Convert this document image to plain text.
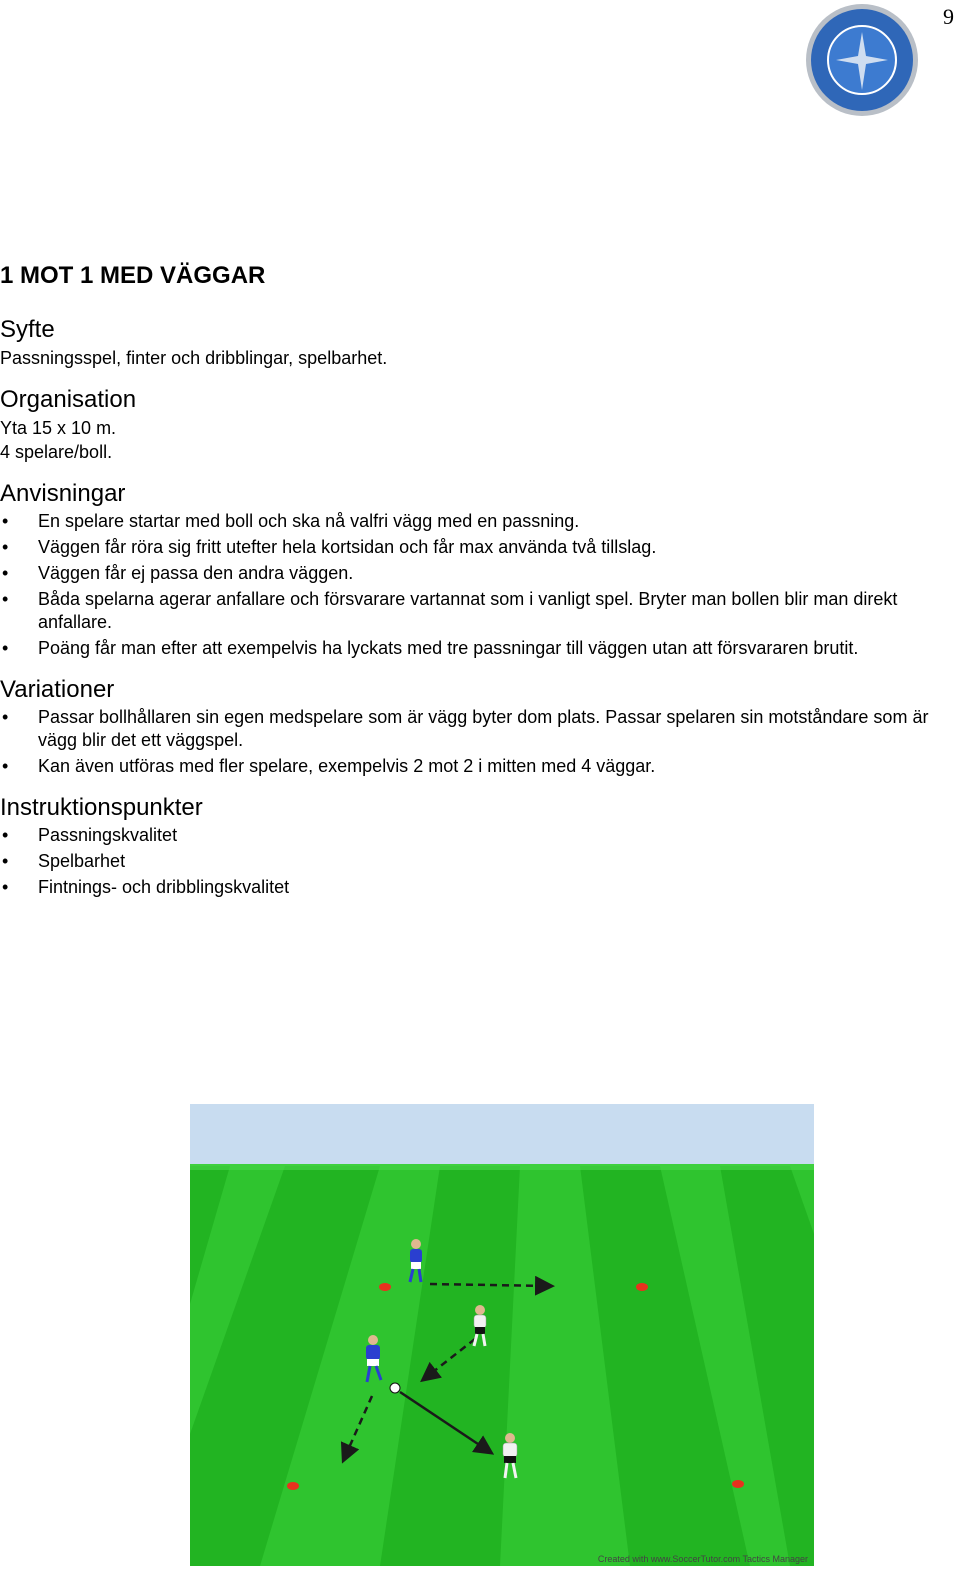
9
1 MOT 1 MED VÄGGAR
Syfte

Passningsspel, finter och dribblingar, spelbarhet.

Organisation

Yta 15 x 10 m.

4 spelare/boll.

Anvisningar
• En spelare startar med boll och ska nå valfri vägg med en passning.
• Väggen får röra sig fritt utefter hela kortsidan och får max använda två tillslag.
• Väggen får ej passa den andra väggen.
• Båda spelarna agerar anfallare och försvarare vartannat som i vanligt spel. Bryter man bollen blir man direkt anfallare.
• Poäng får man efter att exempelvis ha lyckats med tre passningar till väggen utan att försvararen brutit.
Variationer
• Passar bollhållaren sin egen medspelare som är vägg byter dom plats. Passar spelaren sin motståndare som är vägg blir det ett väggspel.
• Kan även utföras med fler spelare, exempelvis 2 mot 2 i mitten med 4 väggar.
Instruktionspunkter
• Passningskvalitet
• Spelbarhet
• Fintnings- och dribblingskvalitet
Created with www.SoccerTutor.com Tactics Manager
